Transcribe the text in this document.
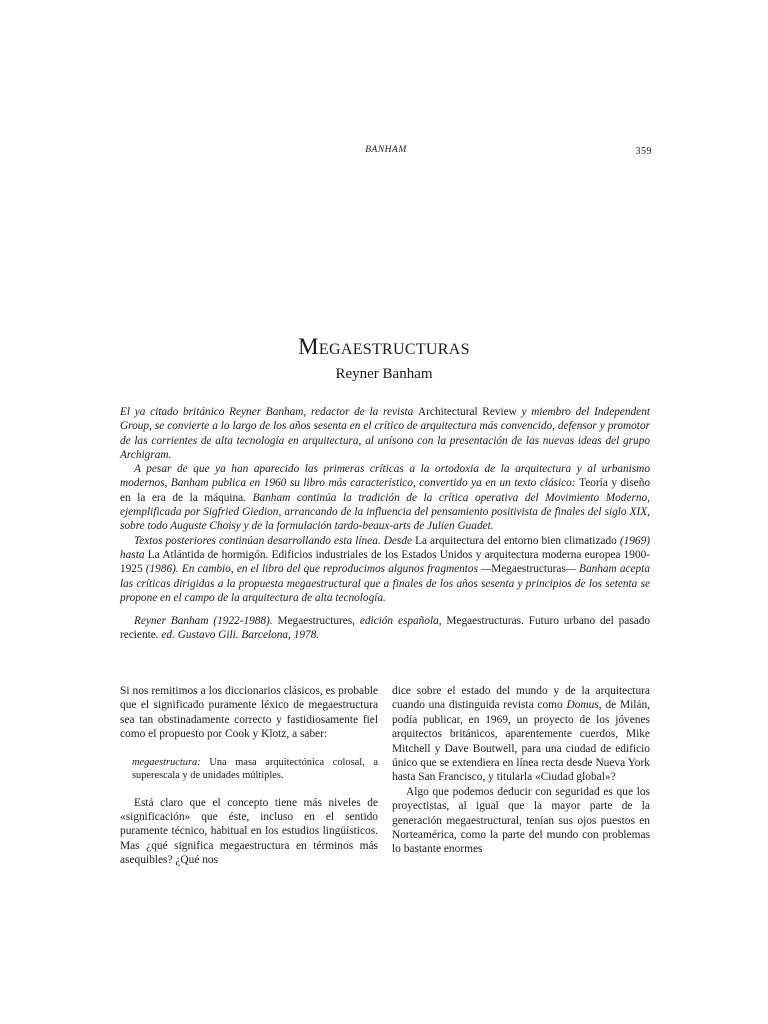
BANHAM	359
Megaestructuras
Reyner Banham

El ya citado británico Reyner Banham, redactor de la revista Architectural Review y miembro del Independent Group, se convierte a lo largo de los años sesenta en el crítico de arquitectura más convencido, defensor y promotor de las corrientes de alta tecnología en arquitectura, al unísono con la presentación de las nuevas ideas del grupo Archigram.

A pesar de que ya han aparecido las primeras críticas a la ortodoxia de la arquitectura y al urbanismo modernos, Banham publica en 1960 su libro más característico, convertido ya en un texto clásico: Teoría y diseño en la era de la máquina. Banham continúa la tradición de la crítica operativa del Movimiento Moderno, ejemplificada por Sigfried Giedion, arrancando de la influencia del pensamiento positivista de finales del siglo XIX, sobre todo Auguste Choisy y de la formulación tardo-beaux-arts de Julien Guadet.

Textos posteriores continúan desarrollando esta línea. Desde La arquitectura del entorno bien climatizado (1969) hasta La Atlántida de hormigón. Edificios industriales de los Estados Unidos y arquitectura moderna europea 1900-1925 (1986). En cambio, en el libro del que reproducimos algunos fragmentos —Megaestructuras— Banham acepta las críticas dirigidas a la propuesta megaestructural que a finales de los años sesenta y principios de los setenta se propone en el campo de la arquitectura de alta tecnología.

Reyner Banham (1922-1988). Megaestructures, edición española, Megaestructuras. Futuro urbano del pasado reciente. ed. Gustavo Gili. Barcelona, 1978.

Si nos remitimos a los diccionarios clásicos, es probable que el significado puramente léxico de megaestructura sea tan obstinadamente correcto y fastidiosamente fiel como el propuesto por Cook y Klotz, a saber:

megaestructura: Una masa arquitectónica colosal, a superescala y de unidades múltiples.

Está claro que el concepto tiene más niveles de «significación» que éste, incluso en el sentido puramente técnico, habitual en los estudios lingüísticos. Mas ¿qué significa megaestructura en términos más asequibles? ¿Qué nos

dice sobre el estado del mundo y de la arquitectura cuando una distinguida revista como Domus, de Milán, podía publicar, en 1969, un proyecto de los jóvenes arquitectos británicos, aparentemente cuerdos, Mike Mitchell y Dave Boutwell, para una ciudad de edificio único que se extendiera en línea recta desde Nueva York hasta San Francisco, y titularla «Ciudad global»?

Algo que podemos deducir con seguridad es que los proyectistas, al igual que la mayor parte de la generación megaestructural, tenían sus ojos puestos en Norteamérica, como la parte del mundo con problemas lo bastante enormes
